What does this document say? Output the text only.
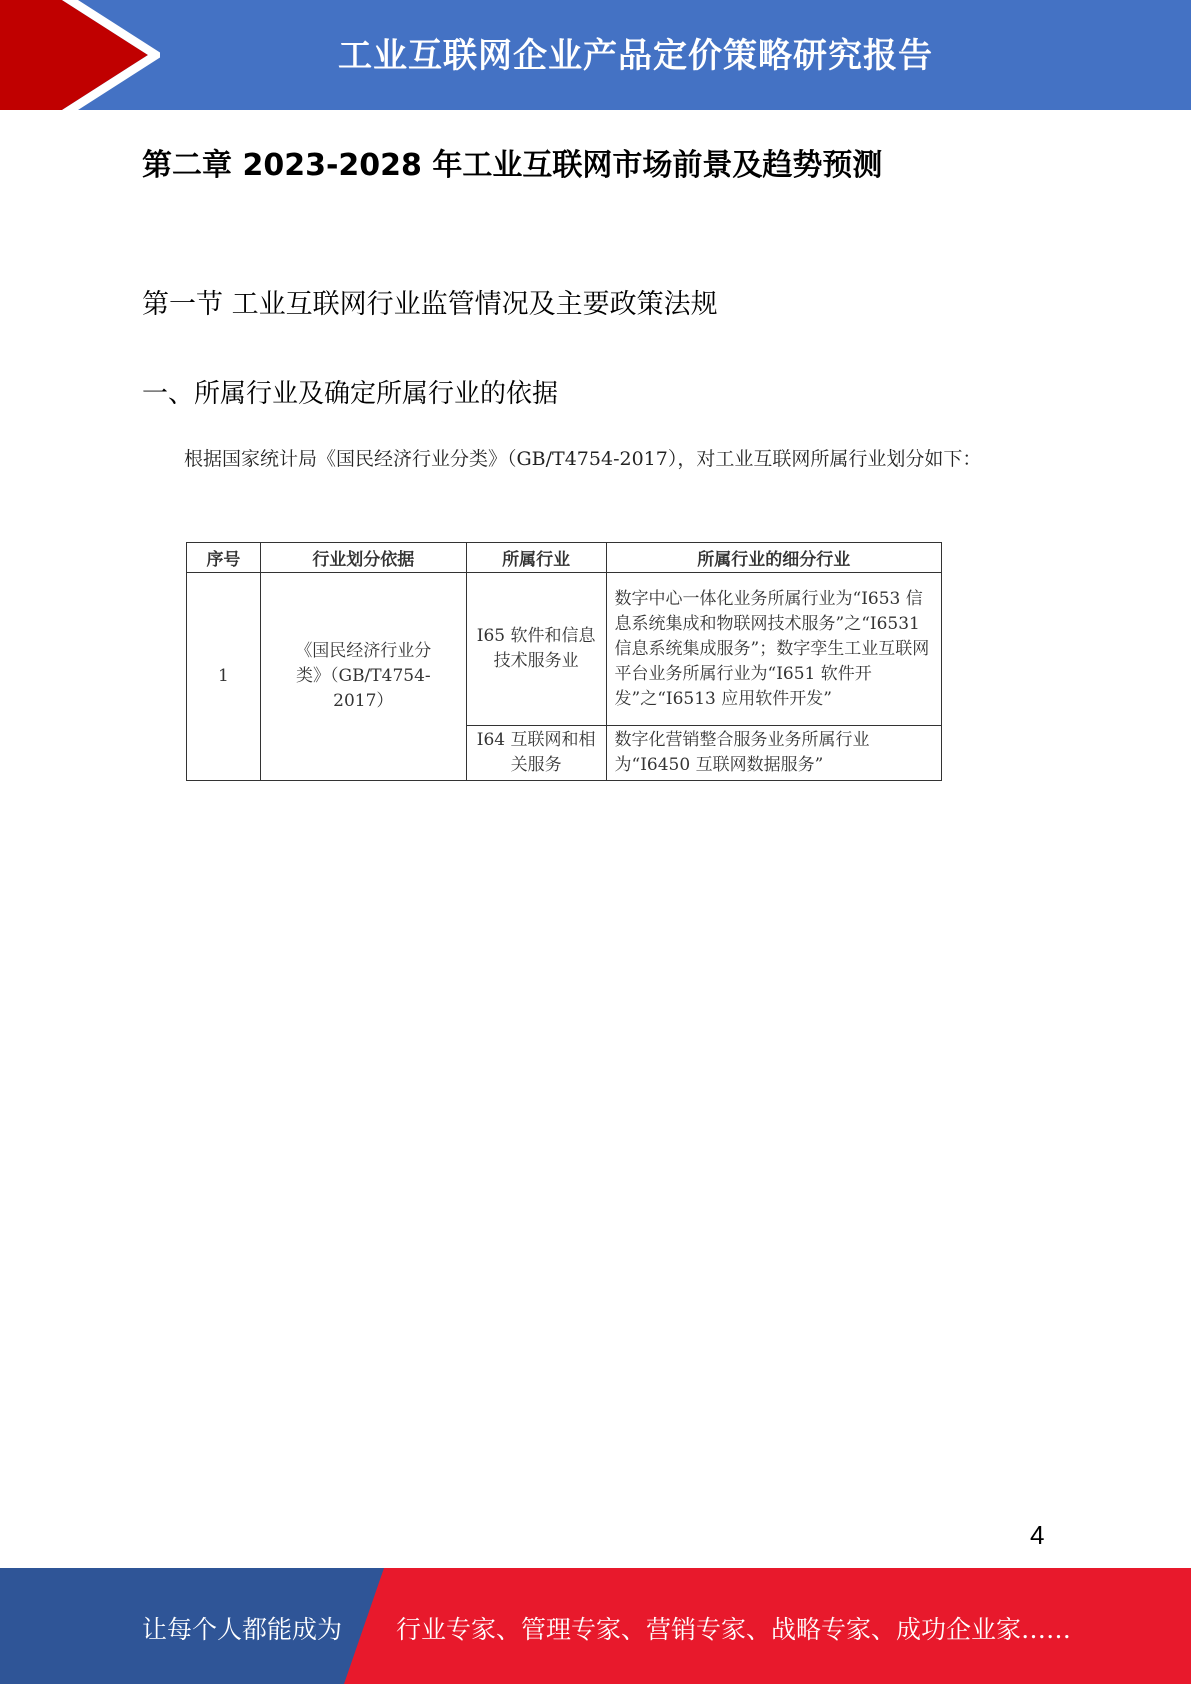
工业互联网企业产品定价策略研究报告
第二章 2023-2028 年工业互联网市场前景及趋势预测
第一节 工业互联网行业监管情况及主要政策法规
一、所属行业及确定所属行业的依据
根据国家统计局《国民经济行业分类》（GB/T4754-2017），对工业互联网所属行业划分如下：
序号	行业划分依据	所属行业	所属行业的细分行业
1	《国民经济行业分类》（GB/T4754-2017）	I65 软件和信息技术服务业	数字中心一体化业务所属行业为“I653 信息系统集成和物联网技术服务”之“I6531 信息系统集成服务”；数字孪生工业互联网平台业务所属行业为“I651 软件开发”之“I6513 应用软件开发”
		I64 互联网和相关服务	数字化营销整合服务业务所属行业为“I6450 互联网数据服务”
4
让每个人都能成为 行业专家、管理专家、营销专家、战略专家、成功企业家……
